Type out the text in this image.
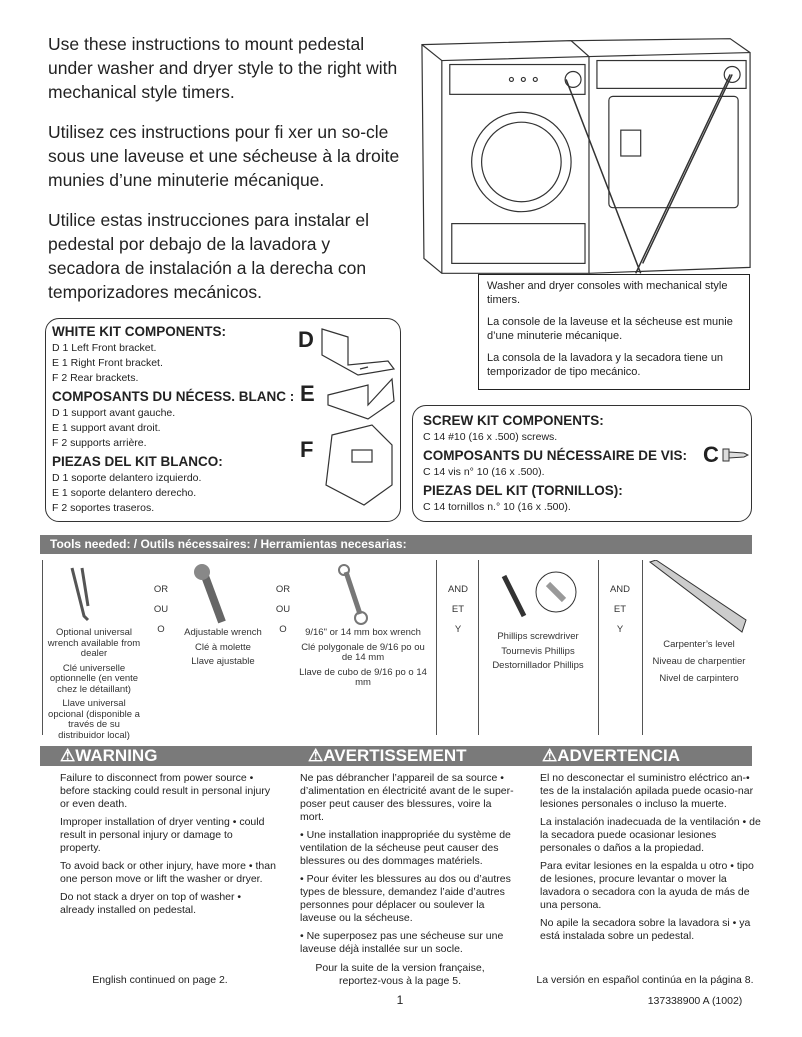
Use these instructions to mount pedestal under washer and dryer style to the right with mechanical style timers.

Utilisez ces instructions pour fi xer un so-cle sous une laveuse et une sécheuse à la droite munies d’une minuterie mécanique.

Utilice estas instrucciones para instalar el pedestal por debajo de la lavadora y secadora de instalación a la derecha con temporizadores mecánicos.	Washer and dryer consoles with mechanical style timers.

La console de la laveuse et la sécheuse est munie d’une minuterie mécanique.

La consola de la lavadora y la secadora tiene un temporizador de tipo mecánico.

WHITE KIT COMPONENTS:
D 1 Left Front bracket.
E 1 Right Front bracket.
F 2 Rear brackets.
COMPOSANTS DU NÉCESS. BLANC :
D 1 support avant gauche.
E 1 support avant droit.
F 2 supports arrière.
PIEZAS DEL KIT BLANCO:
D 1 soporte delantero izquierdo.
E 1 soporte delantero derecho.
F 2 soportes traseros.
D
E
F
SCREW KIT COMPONENTS:
C 14 #10 (16 x .500) screws.
COMPOSANTS DU NÉCESSAIRE DE VIS:
C 14 vis n° 10 (16 x .500).
PIEZAS DEL KIT (TORNILLOS):
C 14 tornillos n.° 10 (16 x .500).
C
Tools needed: / Outils nécessaires: / Herramientas necesarias:

Optional universal wrench available from dealer

Clé universelle optionnelle (en vente chez le détaillant)

Llave universal opcional (disponible a través de su distribuidor local)

OR
OU
O	Adjustable wrench

Clé à molette

Llave ajustable

OR
OU
O	9/16" or 14 mm box wrench

Clé polygonale de 9/16 po ou de 14 mm

Llave de cubo de 9/16 po o 14 mm

AND
ET
Y

Phillips screwdriver

Tournevis Phillips

Destornillador Phillips

AND
ET
Y

Carpenter’s level

Niveau de charpentier

Nivel de carpintero

⚠WARNING	⚠AVERTISSEMENT	⚠ADVERTENCIA

Failure to disconnect from power source • before stacking could result in personal injury or even death.

Improper installation of dryer venting • could result in personal injury or damage to property.

To avoid back or other injury, have more • than one person move or lift the washer or dryer.

Do not stack a dryer on top of washer • already installed on pedestal.

Ne pas débrancher l’appareil de sa source • d’alimentation en électricité avant de le super-poser peut causer des blessures, voire la mort.

• Une installation inappropriée du système de ventilation de la sécheuse peut causer des blessures ou des dommages matériels.

• Pour éviter les blessures au dos ou d’autres types de blessure, demandez l’aide d’autres personnes pour déplacer ou soulever la laveuse ou la sécheuse.

• Ne superposez pas une sécheuse sur une laveuse déjà installée sur un socle.

El no desconectar el suministro eléctrico an-• tes de la instalación apilada puede ocasio-nar lesiones personales o incluso la muerte.

La instalación inadecuada de la ventilación • de la secadora puede ocasionar lesiones personales o daños a la propiedad.

Para evitar lesiones en la espalda u otro • tipo de lesiones, procure levantar o mover la lavadora o secadora con la ayuda de más de una persona.

No apile la secadora sobre la lavadora si • ya está instalada sobre un pedestal.

English continued on page 2.
Pour la suite de la version française, reportez-vous à la page 5.	La versión en español continúa en la página 8.
1	137338900 A (1002)
